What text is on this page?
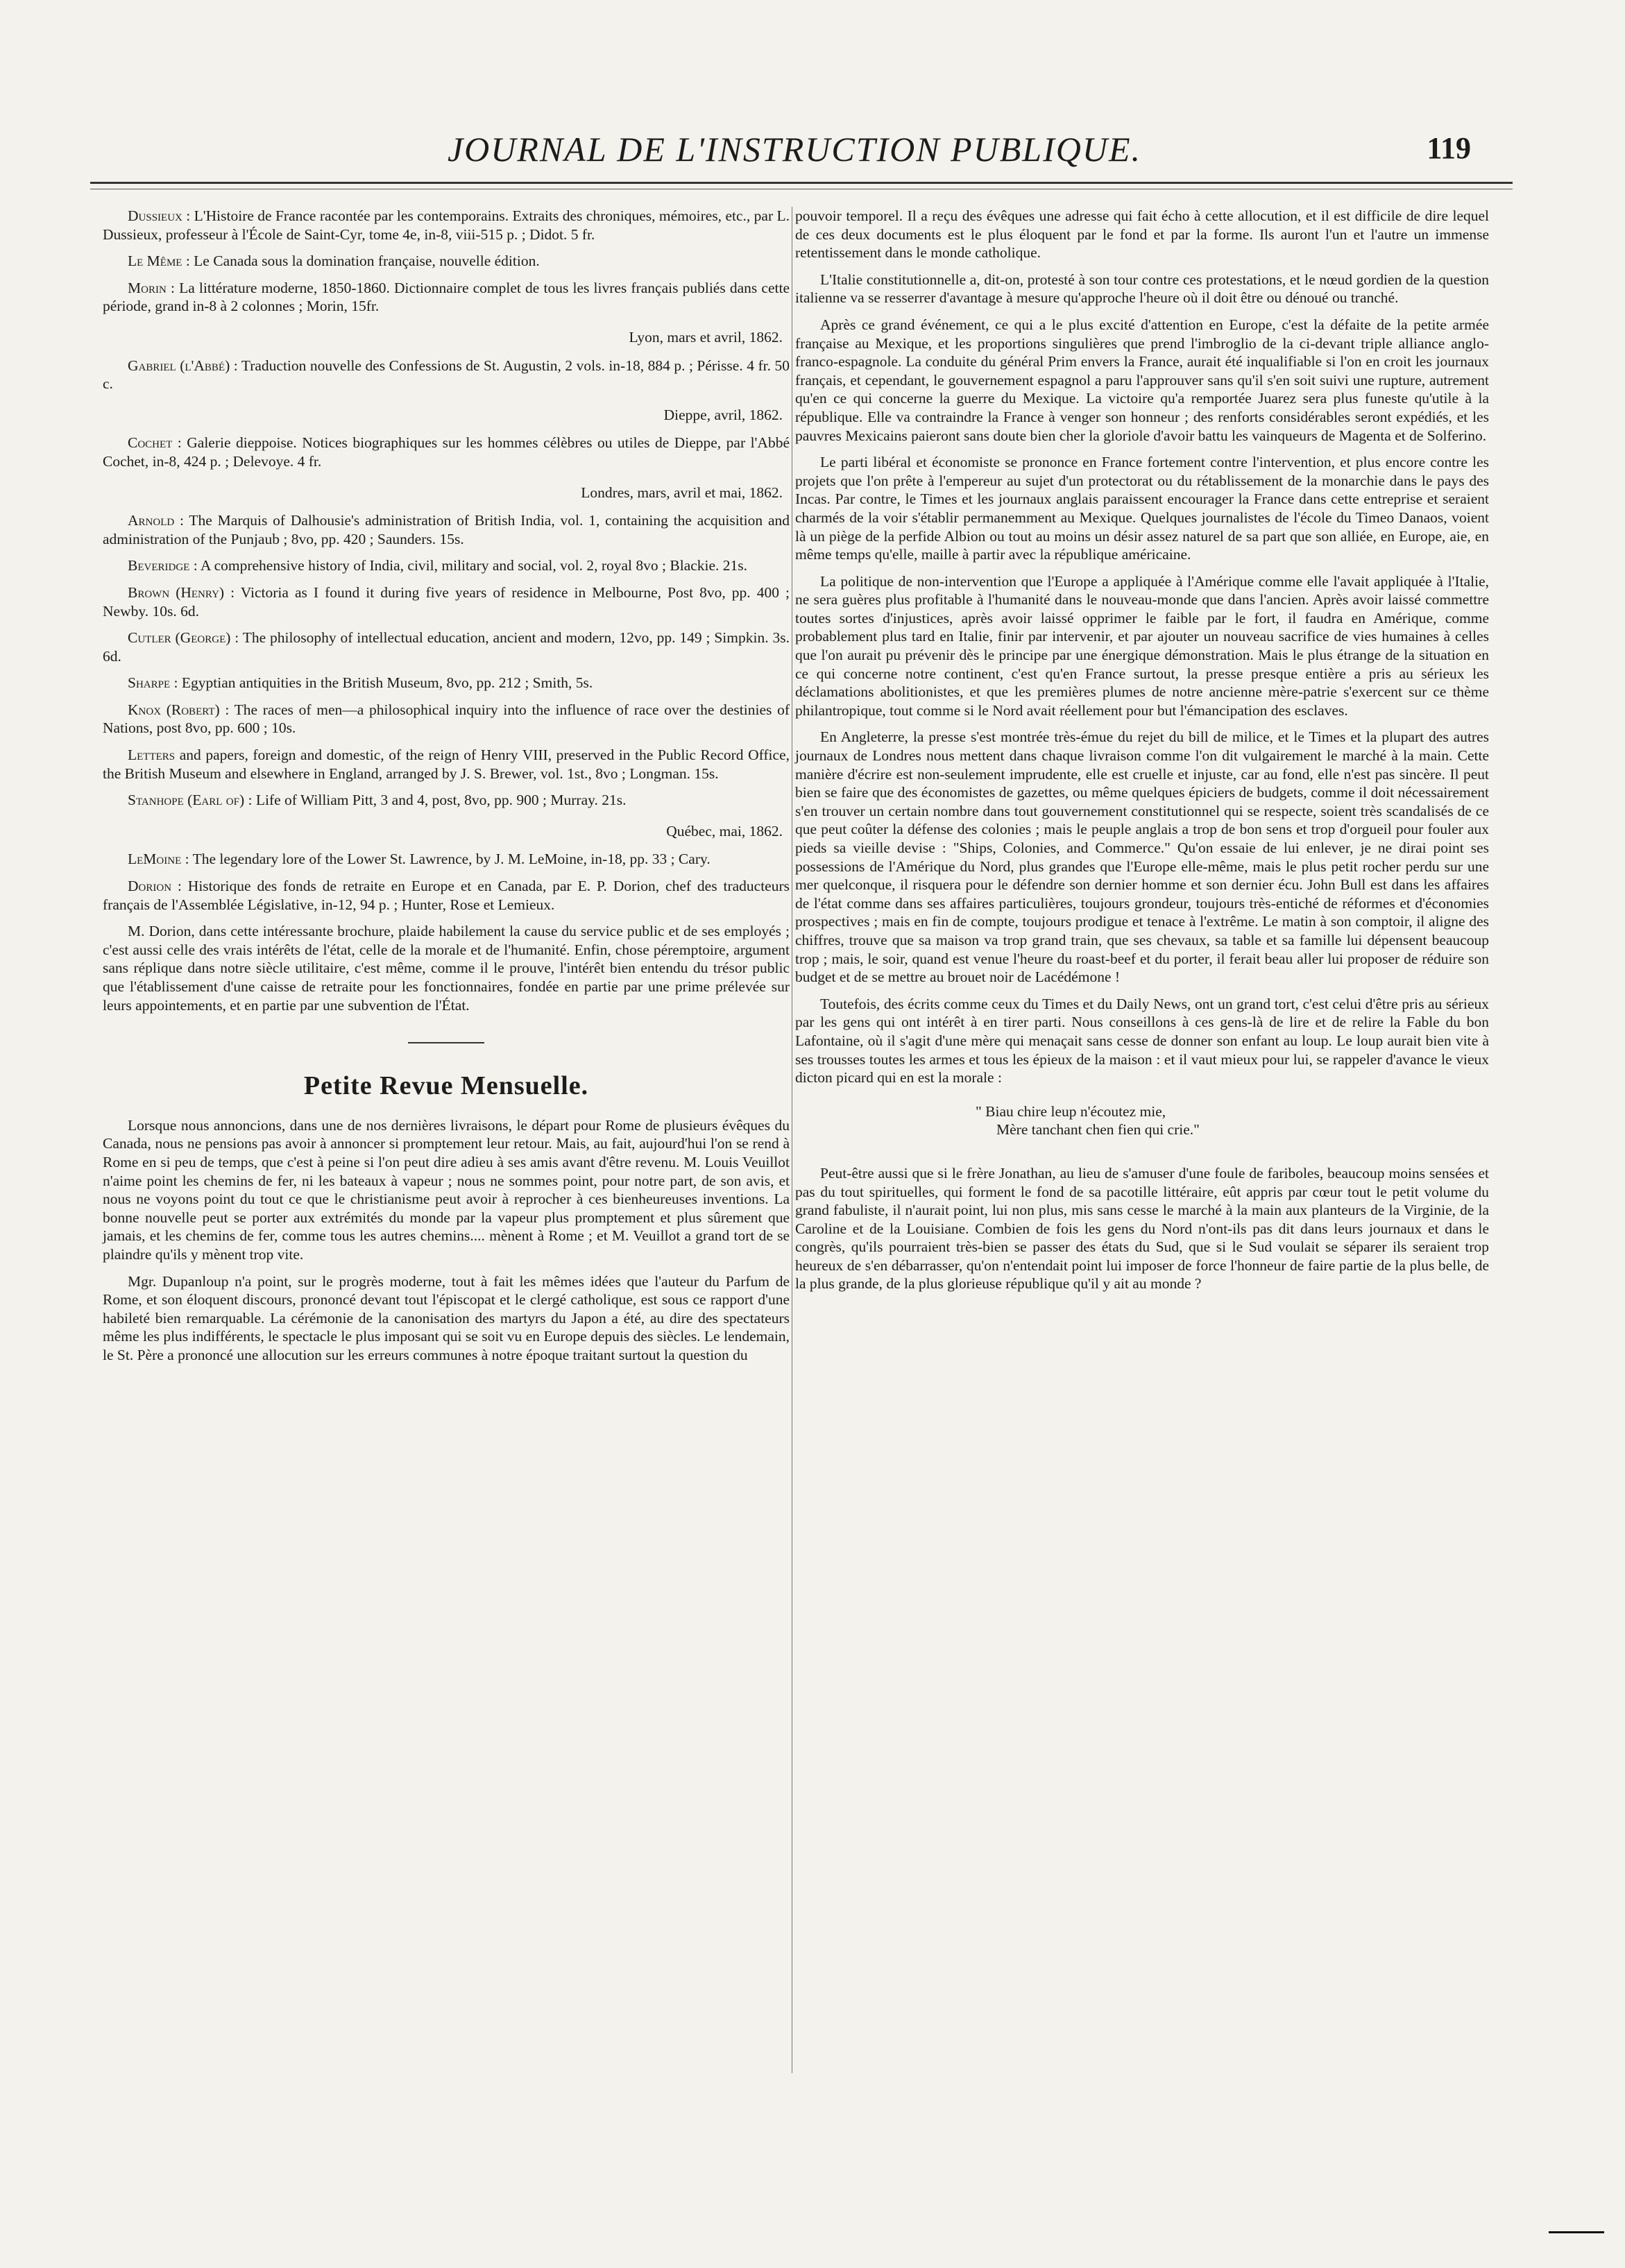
JOURNAL DE L'INSTRUCTION PUBLIQUE.	119

Dussieux : L'Histoire de France racontée par les contemporains. Extraits des chroniques, mémoires, etc., par L. Dussieux, professeur à l'École de Saint-Cyr, tome 4e, in-8, viii-515 p. ; Didot. 5 fr.

Le Même : Le Canada sous la domination française, nouvelle édition.

Morin : La littérature moderne, 1850-1860. Dictionnaire complet de tous les livres français publiés dans cette période, grand in-8 à 2 colonnes ; Morin, 15fr.

Lyon, mars et avril, 1862.

Gabriel (l'Abbé) : Traduction nouvelle des Confessions de St. Augustin, 2 vols. in-18, 884 p. ; Périsse. 4 fr. 50 c.

Dieppe, avril, 1862.

Cochet : Galerie dieppoise. Notices biographiques sur les hommes célèbres ou utiles de Dieppe, par l'Abbé Cochet, in-8, 424 p. ; Delevoye. 4 fr.

Londres, mars, avril et mai, 1862.

Arnold : The Marquis of Dalhousie's administration of British India, vol. 1, containing the acquisition and administration of the Punjaub ; 8vo, pp. 420 ; Saunders. 15s.

Beveridge : A comprehensive history of India, civil, military and social, vol. 2, royal 8vo ; Blackie. 21s.

Brown (Henry) : Victoria as I found it during five years of residence in Melbourne, Post 8vo, pp. 400 ; Newby. 10s. 6d.

Cutler (George) : The philosophy of intellectual education, ancient and modern, 12vo, pp. 149 ; Simpkin. 3s. 6d.

Sharpe : Egyptian antiquities in the British Museum, 8vo, pp. 212 ; Smith, 5s.

Knox (Robert) : The races of men—a philosophical inquiry into the influence of race over the destinies of Nations, post 8vo, pp. 600 ; 10s.

Letters and papers, foreign and domestic, of the reign of Henry VIII, preserved in the Public Record Office, the British Museum and elsewhere in England, arranged by J. S. Brewer, vol. 1st., 8vo ; Longman. 15s.

Stanhope (Earl of) : Life of William Pitt, 3 and 4, post, 8vo, pp. 900 ; Murray. 21s.

Québec, mai, 1862.

LeMoine : The legendary lore of the Lower St. Lawrence, by J. M. LeMoine, in-18, pp. 33 ; Cary.

Dorion : Historique des fonds de retraite en Europe et en Canada, par E. P. Dorion, chef des traducteurs français de l'Assemblée Législative, in-12, 94 p. ; Hunter, Rose et Lemieux.

M. Dorion, dans cette intéressante brochure, plaide habilement la cause du service public et de ses employés ; c'est aussi celle des vrais intérêts de l'état, celle de la morale et de l'humanité. Enfin, chose péremptoire, argument sans réplique dans notre siècle utilitaire, c'est même, comme il le prouve, l'intérêt bien entendu du trésor public que l'établissement d'une caisse de retraite pour les fonctionnaires, fondée en partie par une prime prélevée sur leurs appointements, et en partie par une subvention de l'État.

Petite Revue Mensuelle.

Lorsque nous annoncions, dans une de nos dernières livraisons, le départ pour Rome de plusieurs évêques du Canada, nous ne pensions pas avoir à annoncer si promptement leur retour. Mais, au fait, aujourd'hui l'on se rend à Rome en si peu de temps, que c'est à peine si l'on peut dire adieu à ses amis avant d'être revenu. M. Louis Veuillot n'aime point les chemins de fer, ni les bateaux à vapeur ; nous ne sommes point, pour notre part, de son avis, et nous ne voyons point du tout ce que le christianisme peut avoir à reprocher à ces bienheureuses inventions. La bonne nouvelle peut se porter aux extrémités du monde par la vapeur plus promptement et plus sûrement que jamais, et les chemins de fer, comme tous les autres chemins.... mènent à Rome ; et M. Veuillot a grand tort de se plaindre qu'ils y mènent trop vite.

Mgr. Dupanloup n'a point, sur le progrès moderne, tout à fait les mêmes idées que l'auteur du Parfum de Rome, et son éloquent discours, prononcé devant tout l'épiscopat et le clergé catholique, est sous ce rapport d'une habileté bien remarquable. La cérémonie de la canonisation des martyrs du Japon a été, au dire des spectateurs même les plus indifférents, le spectacle le plus imposant qui se soit vu en Europe depuis des siècles. Le lendemain, le St. Père a prononcé une allocution sur les erreurs communes à notre époque traitant surtout la question du

pouvoir temporel. Il a reçu des évêques une adresse qui fait écho à cette allocution, et il est difficile de dire lequel de ces deux documents est le plus éloquent par le fond et par la forme. Ils auront l'un et l'autre un immense retentissement dans le monde catholique.

L'Italie constitutionnelle a, dit-on, protesté à son tour contre ces protestations, et le nœud gordien de la question italienne va se resserrer d'avantage à mesure qu'approche l'heure où il doit être ou dénoué ou tranché.

Après ce grand événement, ce qui a le plus excité d'attention en Europe, c'est la défaite de la petite armée française au Mexique, et les proportions singulières que prend l'imbroglio de la ci-devant triple alliance anglo-franco-espagnole. La conduite du général Prim envers la France, aurait été inqualifiable si l'on en croit les journaux français, et cependant, le gouvernement espagnol a paru l'approuver sans qu'il s'en soit suivi une rupture, autrement qu'en ce qui concerne la guerre du Mexique. La victoire qu'a remportée Juarez sera plus funeste qu'utile à la république. Elle va contraindre la France à venger son honneur ; des renforts considérables seront expédiés, et les pauvres Mexicains paieront sans doute bien cher la gloriole d'avoir battu les vainqueurs de Magenta et de Solferino.

Le parti libéral et économiste se prononce en France fortement contre l'intervention, et plus encore contre les projets que l'on prête à l'empereur au sujet d'un protectorat ou du rétablissement de la monarchie dans le pays des Incas. Par contre, le Times et les journaux anglais paraissent encourager la France dans cette entreprise et seraient charmés de la voir s'établir permanemment au Mexique. Quelques journalistes de l'école du Timeo Danaos, voient là un piège de la perfide Albion ou tout au moins un désir assez naturel de sa part que son alliée, en Europe, aie, en même temps qu'elle, maille à partir avec la république américaine.

La politique de non-intervention que l'Europe a appliquée à l'Amérique comme elle l'avait appliquée à l'Italie, ne sera guères plus profitable à l'humanité dans le nouveau-monde que dans l'ancien. Après avoir laissé commettre toutes sortes d'injustices, après avoir laissé opprimer le faible par le fort, il faudra en Amérique, comme probablement plus tard en Italie, finir par intervenir, et par ajouter un nouveau sacrifice de vies humaines à celles que l'on aurait pu prévenir dès le principe par une énergique démonstration. Mais le plus étrange de la situation en ce qui concerne notre continent, c'est qu'en France surtout, la presse presque entière a pris au sérieux les déclamations abolitionistes, et que les premières plumes de notre ancienne mère-patrie s'exercent sur ce thème philantropique, tout comme si le Nord avait réellement pour but l'émancipation des esclaves.

En Angleterre, la presse s'est montrée très-émue du rejet du bill de milice, et le Times et la plupart des autres journaux de Londres nous mettent dans chaque livraison comme l'on dit vulgairement le marché à la main. Cette manière d'écrire est non-seulement imprudente, elle est cruelle et injuste, car au fond, elle n'est pas sincère. Il peut bien se faire que des économistes de gazettes, ou même quelques épiciers de budgets, comme il doit nécessairement s'en trouver un certain nombre dans tout gouvernement constitutionnel qui se respecte, soient très scandalisés de ce que peut coûter la défense des colonies ; mais le peuple anglais a trop de bon sens et trop d'orgueil pour fouler aux pieds sa vieille devise : "Ships, Colonies, and Commerce." Qu'on essaie de lui enlever, je ne dirai point ses possessions de l'Amérique du Nord, plus grandes que l'Europe elle-même, mais le plus petit rocher perdu sur une mer quelconque, il risquera pour le défendre son dernier homme et son dernier écu. John Bull est dans les affaires de l'état comme dans ses affaires particulières, toujours grondeur, toujours très-entiché de réformes et d'économies prospectives ; mais en fin de compte, toujours prodigue et tenace à l'extrême. Le matin à son comptoir, il aligne des chiffres, trouve que sa maison va trop grand train, que ses chevaux, sa table et sa famille lui dépensent beaucoup trop ; mais, le soir, quand est venue l'heure du roast-beef et du porter, il ferait beau aller lui proposer de réduire son budget et de se mettre au brouet noir de Lacédémone !

Toutefois, des écrits comme ceux du Times et du Daily News, ont un grand tort, c'est celui d'être pris au sérieux par les gens qui ont intérêt à en tirer parti. Nous conseillons à ces gens-là de lire et de relire la Fable du bon Lafontaine, où il s'agit d'une mère qui menaçait sans cesse de donner son enfant au loup. Le loup aurait bien vite à ses trousses toutes les armes et tous les épieux de la maison : et il vaut mieux pour lui, se rappeler d'avance le vieux dicton picard qui en est la morale :

" Biau chire leup n'écoutez mie,
Mère tanchant chen fien qui crie."

Peut-être aussi que si le frère Jonathan, au lieu de s'amuser d'une foule de fariboles, beaucoup moins sensées et pas du tout spirituelles, qui forment le fond de sa pacotille littéraire, eût appris par cœur tout le petit volume du grand fabuliste, il n'aurait point, lui non plus, mis sans cesse le marché à la main aux planteurs de la Virginie, de la Caroline et de la Louisiane. Combien de fois les gens du Nord n'ont-ils pas dit dans leurs journaux et dans le congrès, qu'ils pourraient très-bien se passer des états du Sud, que si le Sud voulait se séparer ils seraient trop heureux de s'en débarrasser, qu'on n'entendait point lui imposer de force l'honneur de faire partie de la plus belle, de la plus grande, de la plus glorieuse république qu'il y ait au monde ?
